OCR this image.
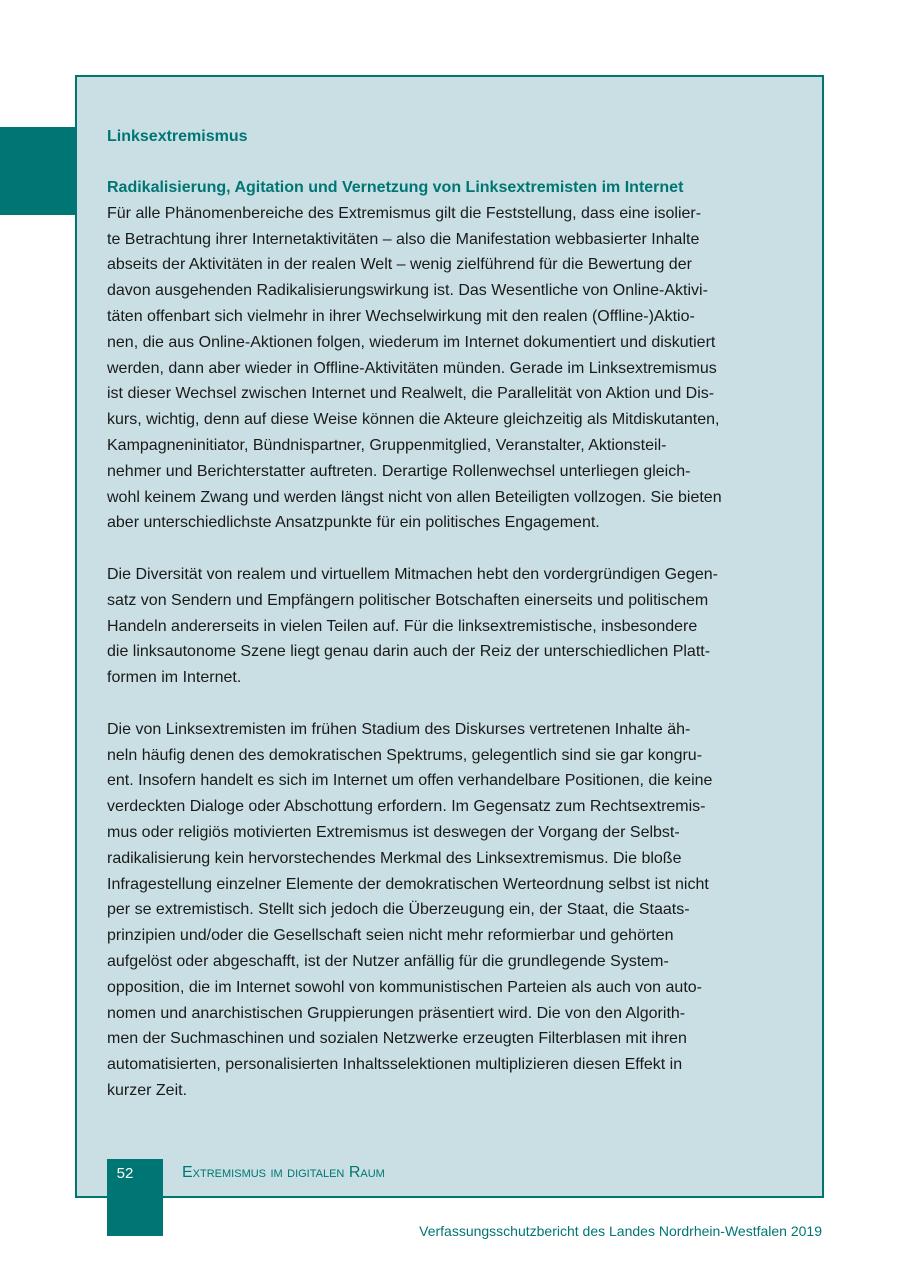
Linksextremismus
Radikalisierung, Agitation und Vernetzung von Linksextremisten im Internet

Für alle Phänomenbereiche des Extremismus gilt die Feststellung, dass eine isolier-
te Betrachtung ihrer Internetaktivitäten – also die Manifestation webbasierter Inhalte
abseits der Aktivitäten in der realen Welt – wenig zielführend für die Bewertung der
davon ausgehenden Radikalisierungswirkung ist. Das Wesentliche von Online-Aktivi-
täten offenbart sich vielmehr in ihrer Wechselwirkung mit den realen (Offline-)Aktio-
nen, die aus Online-Aktionen folgen, wiederum im Internet dokumentiert und diskutiert
werden, dann aber wieder in Offline-Aktivitäten münden. Gerade im Linksextremismus
ist dieser Wechsel zwischen Internet und Realwelt, die Parallelität von Aktion und Dis-
kurs, wichtig, denn auf diese Weise können die Akteure gleichzeitig als Mitdiskutanten,
Kampagneninitiator, Bündnispartner, Gruppenmitglied, Veranstalter, Aktionsteil-
nehmer und Berichterstatter auftreten. Derartige Rollenwechsel unterliegen gleich-
wohl keinem Zwang und werden längst nicht von allen Beteiligten vollzogen. Sie bieten
aber unterschiedlichste Ansatzpunkte für ein politisches Engagement.

Die Diversität von realem und virtuellem Mitmachen hebt den vordergründigen Gegen-
satz von Sendern und Empfängern politischer Botschaften einerseits und politischem
Handeln andererseits in vielen Teilen auf. Für die linksextremistische, insbesondere
die linksautonome Szene liegt genau darin auch der Reiz der unterschiedlichen Platt-
formen im Internet.

Die von Linksextremisten im frühen Stadium des Diskurses vertretenen Inhalte äh-
neln häufig denen des demokratischen Spektrums, gelegentlich sind sie gar kongru-
ent. Insofern handelt es sich im Internet um offen verhandelbare Positionen, die keine
verdeckten Dialoge oder Abschottung erfordern. Im Gegensatz zum Rechtsextremis-
mus oder religiös motivierten Extremismus ist deswegen der Vorgang der Selbst-
radikalisierung kein hervorstechendes Merkmal des Linksextremismus. Die bloße
Infragestellung einzelner Elemente der demokratischen Werteordnung selbst ist nicht
per se extremistisch. Stellt sich jedoch die Überzeugung ein, der Staat, die Staats-
prinzipien und/oder die Gesellschaft seien nicht mehr reformierbar und gehörten
aufgelöst oder abgeschafft, ist der Nutzer anfällig für die grundlegende System-
opposition, die im Internet sowohl von kommunistischen Parteien als auch von auto-
nomen und anarchistischen Gruppierungen präsentiert wird. Die von den Algorith-
men der Suchmaschinen und sozialen Netzwerke erzeugten Filterblasen mit ihren
automatisierten, personalisierten Inhaltsselektionen multiplizieren diesen Effekt in
kurzer Zeit.

52	Extremismus im digitalen Raum
Verfassungsschutzbericht des Landes Nordrhein-Westfalen 2019
